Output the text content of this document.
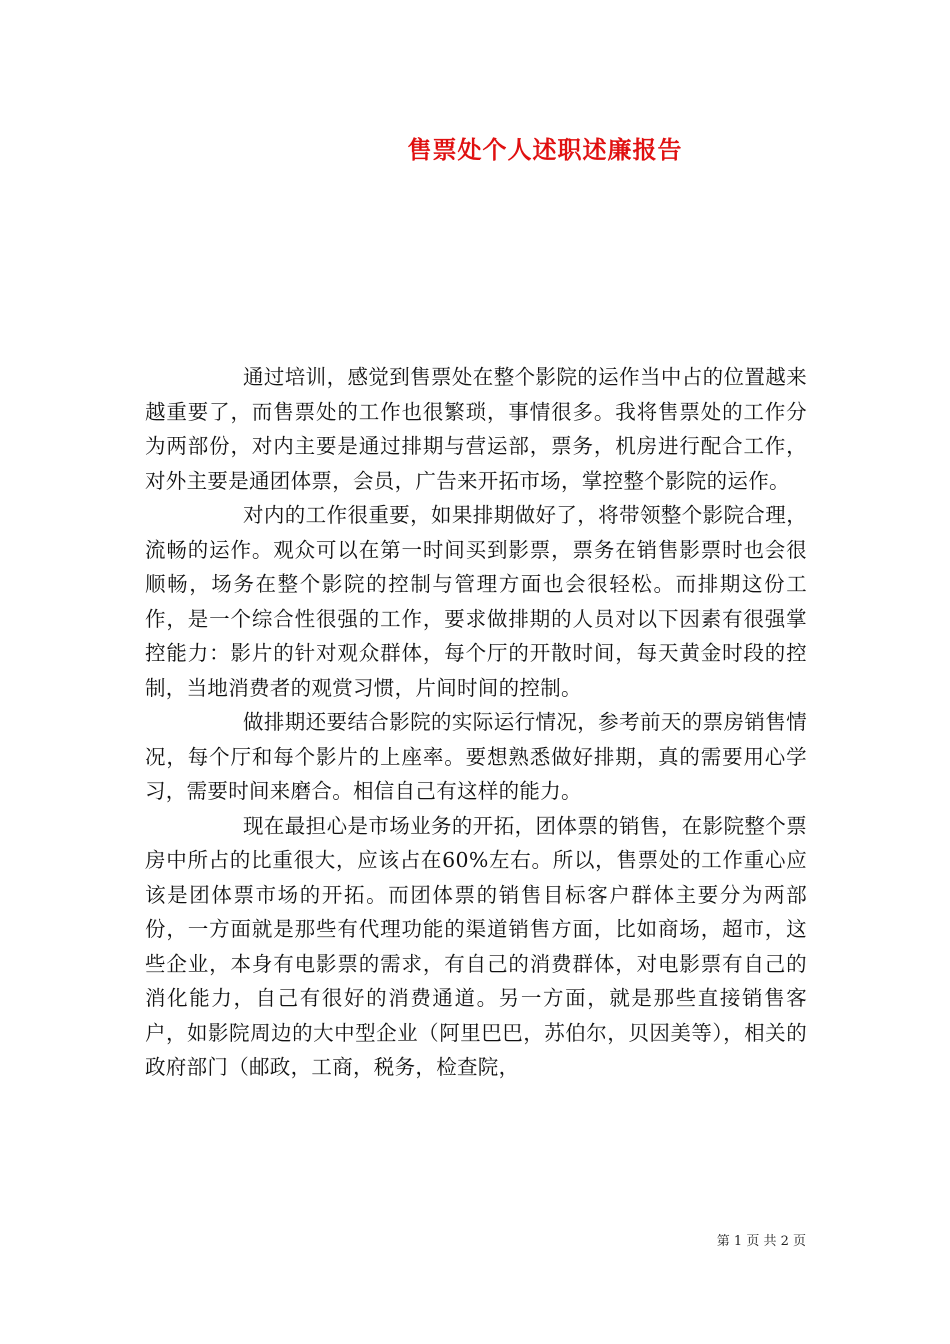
售票处个人述职述廉报告

通过培训，感觉到售票处在整个影院的运作当中占的位置越来越重要了，而售票处的工作也很繁琐，事情很多。我将售票处的工作分为两部份，对内主要是通过排期与营运部，票务，机房进行配合工作，对外主要是通团体票，会员，广告来开拓市场，掌控整个影院的运作。

对内的工作很重要，如果排期做好了，将带领整个影院合理，流畅的运作。观众可以在第一时间买到影票，票务在销售影票时也会很顺畅，场务在整个影院的控制与管理方面也会很轻松。而排期这份工作，是一个综合性很强的工作，要求做排期的人员对以下因素有很强掌控能力：影片的针对观众群体，每个厅的开散时间，每天黄金时段的控制，当地消费者的观赏习惯，片间时间的控制。

做排期还要结合影院的实际运行情况，参考前天的票房销售情况，每个厅和每个影片的上座率。要想熟悉做好排期，真的需要用心学习，需要时间来磨合。相信自己有这样的能力。

现在最担心是市场业务的开拓，团体票的销售，在影院整个票房中所占的比重很大，应该占在60%左右。所以，售票处的工作重心应该是团体票市场的开拓。而团体票的销售目标客户群体主要分为两部份，一方面就是那些有代理功能的渠道销售方面，比如商场，超市，这些企业，本身有电影票的需求，有自己的消费群体，对电影票有自己的消化能力，自己有很好的消费通道。另一方面，就是那些直接销售客户，如影院周边的大中型企业（阿里巴巴，苏伯尔，贝因美等），相关的政府部门（邮政，工商，税务，检查院，

第 1 页 共 2 页
